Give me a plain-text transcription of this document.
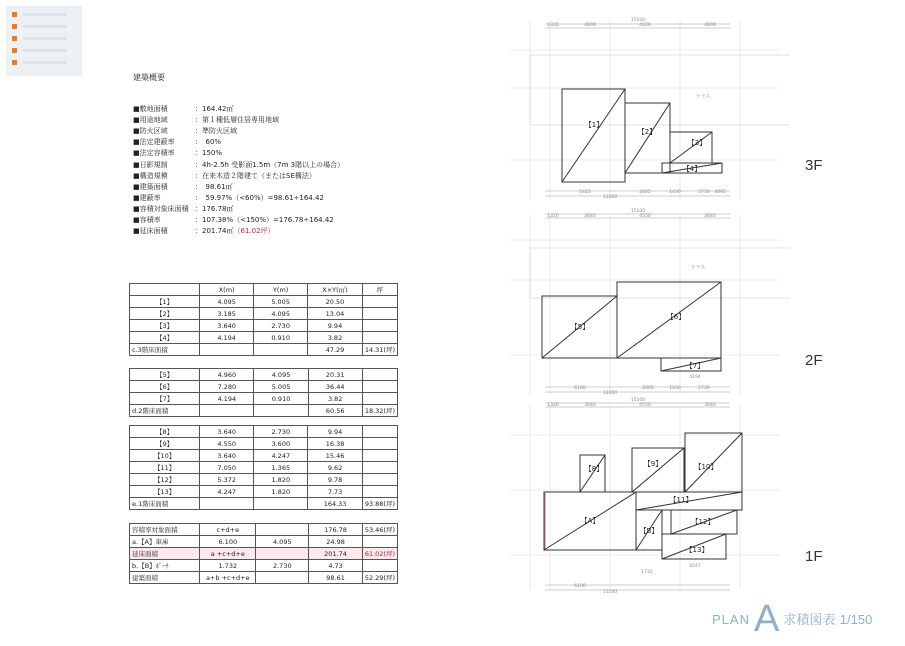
建築概要
■敷地面積	：164.42㎡
■用途地域	：第１種低層住居専用地域
■防火区域	：準防火区域
■法定建蔽率	：　60%
■法定容積率	：150%
■日影規制	：4h-2.5h 受影面1.5m（7m 3階以上の場合）
■構造規模	：在来木造２階建て（またはSE構法）
■建築面積	：　98.61㎡
■建蔽率	：　59.97%（<60%）=98.61÷164.42
■容積対象床面積 ：176.78㎡
■容積率	：107.38%（<150%）=176.78÷164.42
■延床面積	：201.74㎡（61.02坪）
	X(m)	Y(m)	X×Y(㎡)	坪
【1】	4.095	5.005	20.50	
【2】	3.185	4.095	13.04	
【3】	3.640	2.730	9.94	
【4】	4.194	0.910	3.82	
c.3階床面積			47.29	14.31(坪)
【5】	4.960	4.095	20.31	
【6】	7.280	5.005	36.44	
【7】	4.194	0.910	3.82	
d.2階床面積			60.56	18.32(坪)
【8】	3.640	2.730	9.94	
【9】	4.550	3.600	16.38	
【10】	3.640	4.247	15.46	
【11】	7.050	1.365	9.62	
【12】	5.372	1.820	9.78	
【13】	4.247	1.820	7.73	
e.1階床面積			164.33	93.88(坪)
容積率対象面積	c+d+e		176.78	53.46(坪)
a.【A】車庫	6.100	4.095	24.98	
延床面積	a +c+d+e		201.74	61.02(坪)
b.【B】ﾎﾟｰﾁ	1.732	2.730	4.73	
建築面積	a+b +c+d+e		98.61	52.29(坪)
15100
1320	4000	4500	4000
13100
5415	2005	1430	2730 4095
15100
1320	3640	4550	3640
13100
6100	2005	1430	2730
4194
15100
1320	3640	4550	3640
13100
6100
4247
1732
【1】
【2】
【3】
【4】
テラス
【5】
【6】
【7】
テラス
【A】
【B】
【8】
【9】	【10】
【11】
【12】
【13】
3F
2F
1F
$^{PLAN}$ A $^{求積図表}$ $^{1/150}$
